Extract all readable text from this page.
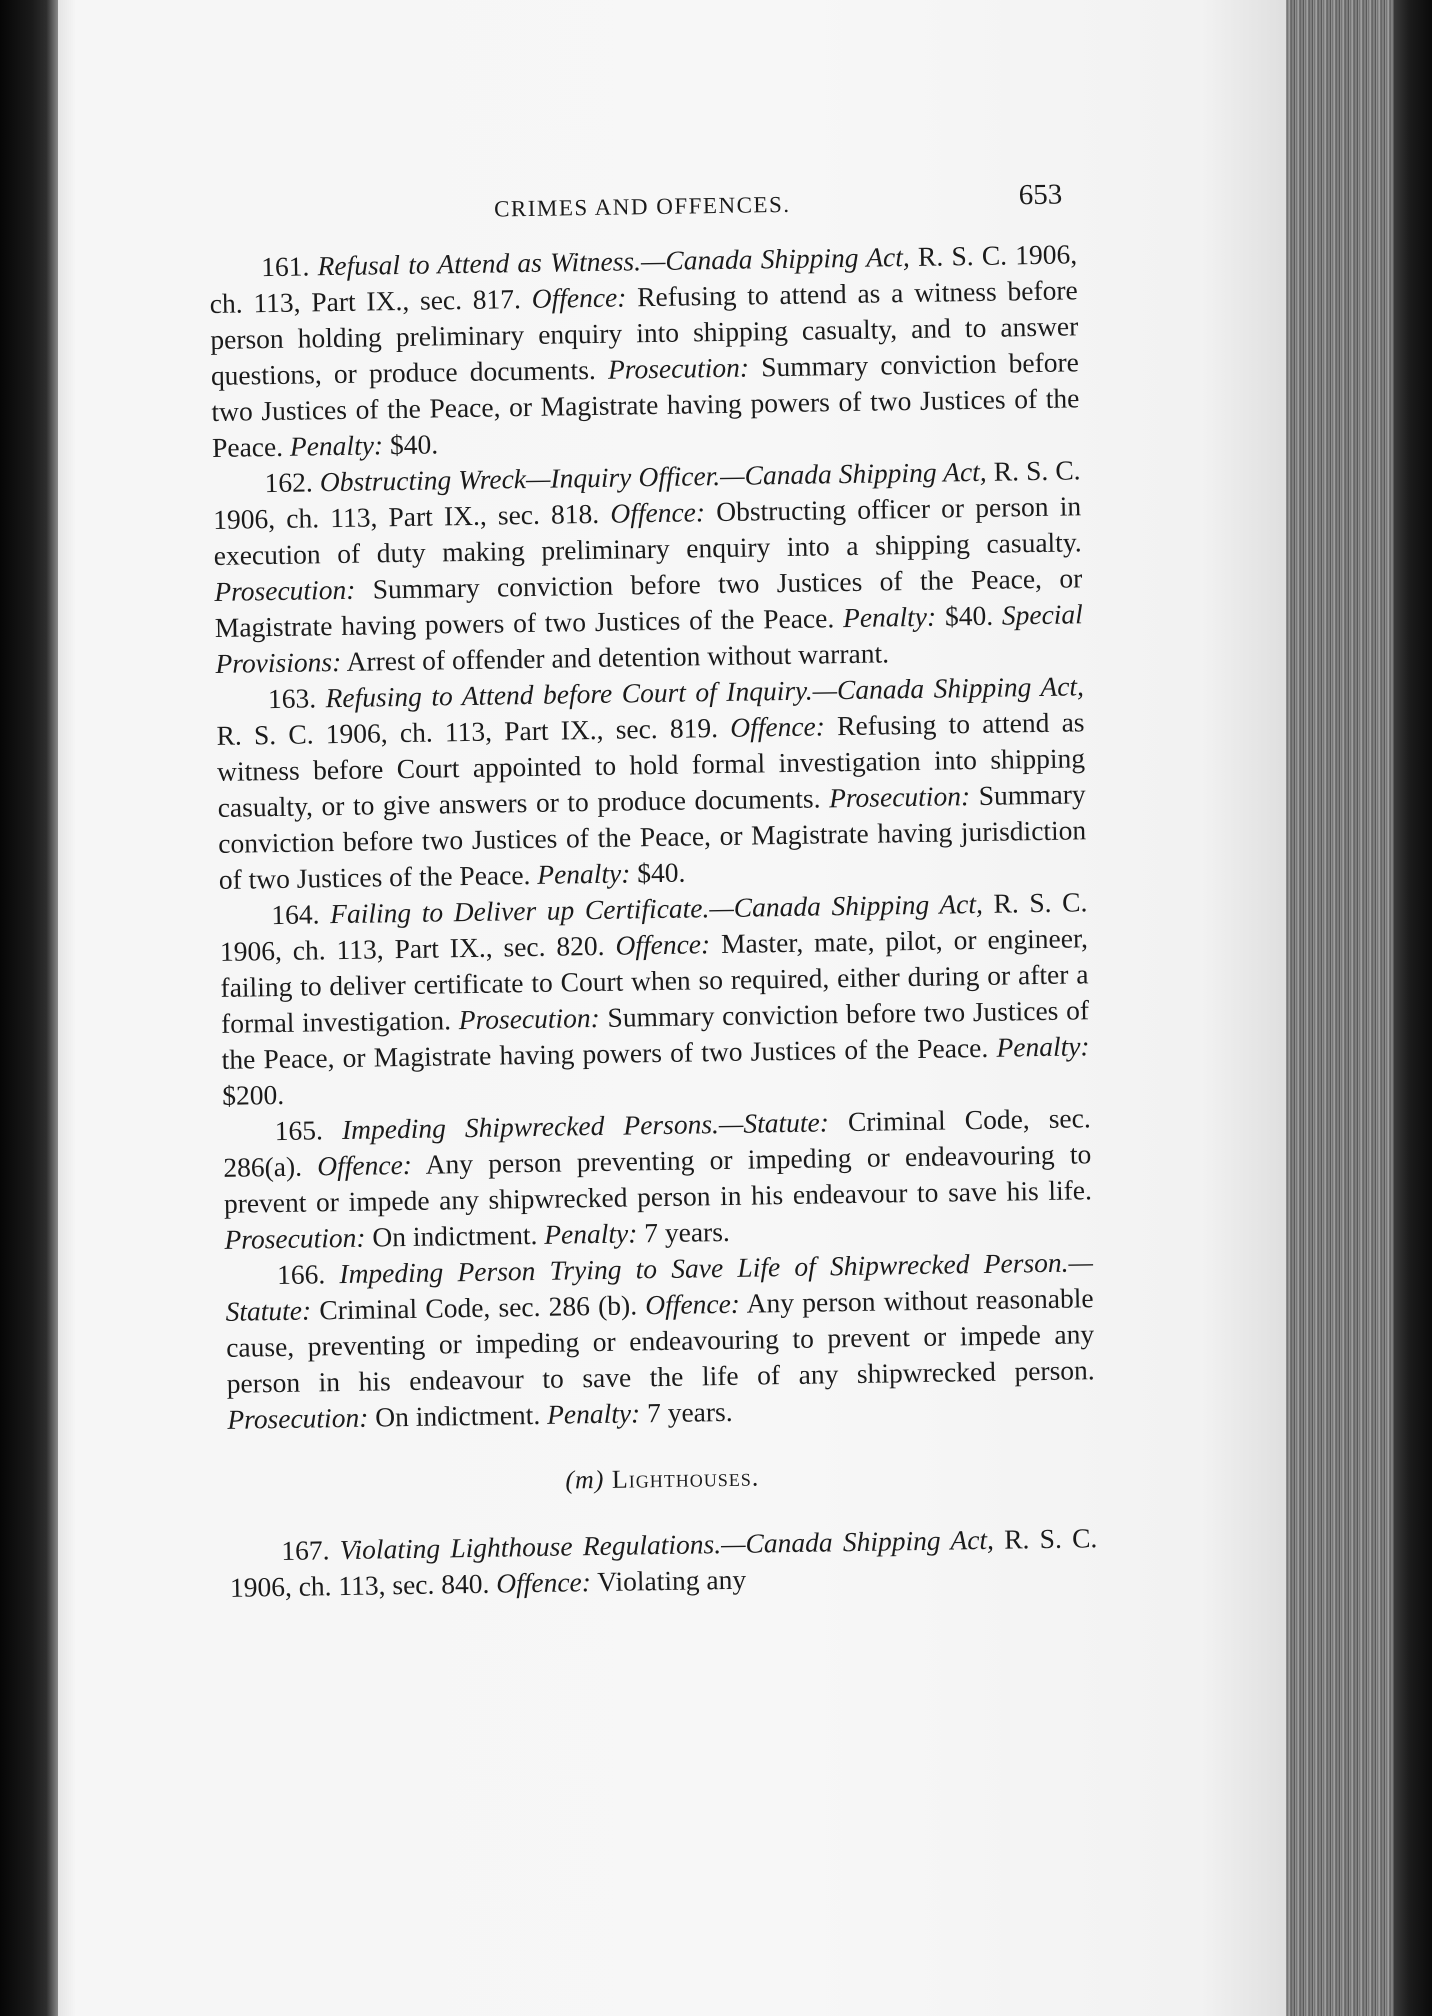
CRIMES AND OFFENCES.	653

161. Refusal to Attend as Witness.—Canada Shipping Act, R. S. C. 1906, ch. 113, Part IX., sec. 817. Offence: Refusing to attend as a witness before person holding preliminary enquiry into shipping casualty, and to answer questions, or produce documents. Prosecution: Summary conviction before two Justices of the Peace, or Magistrate having powers of two Justices of the Peace. Penalty: $40.

162. Obstructing Wreck—Inquiry Officer.—Canada Shipping Act, R. S. C. 1906, ch. 113, Part IX., sec. 818. Offence: Obstructing officer or person in execution of duty making preliminary enquiry into a shipping casualty. Prosecution: Summary conviction before two Justices of the Peace, or Magistrate having powers of two Justices of the Peace. Penalty: $40. Special Provisions: Arrest of offender and detention without warrant.

163. Refusing to Attend before Court of Inquiry.—Canada Shipping Act, R. S. C. 1906, ch. 113, Part IX., sec. 819. Offence: Refusing to attend as witness before Court appointed to hold formal investigation into shipping casualty, or to give answers or to produce documents. Prosecution: Summary conviction before two Justices of the Peace, or Magistrate having jurisdiction of two Justices of the Peace. Penalty: $40.

164. Failing to Deliver up Certificate.—Canada Shipping Act, R. S. C. 1906, ch. 113, Part IX., sec. 820. Offence: Master, mate, pilot, or engineer, failing to deliver certificate to Court when so required, either during or after a formal investigation. Prosecution: Summary conviction before two Justices of the Peace, or Magistrate having powers of two Justices of the Peace. Penalty: $200.

165. Impeding Shipwrecked Persons.—Statute: Criminal Code, sec. 286(a). Offence: Any person preventing or impeding or endeavouring to prevent or impede any shipwrecked person in his endeavour to save his life. Prosecution: On indictment. Penalty: 7 years.

166. Impeding Person Trying to Save Life of Shipwrecked Person.—Statute: Criminal Code, sec. 286 (b). Offence: Any person without reasonable cause, preventing or impeding or endeavouring to prevent or impede any person in his endeavour to save the life of any shipwrecked person. Prosecution: On indictment. Penalty: 7 years.

(m) Lighthouses.

167. Violating Lighthouse Regulations.—Canada Shipping Act, R. S. C. 1906, ch. 113, sec. 840. Offence: Violating any
